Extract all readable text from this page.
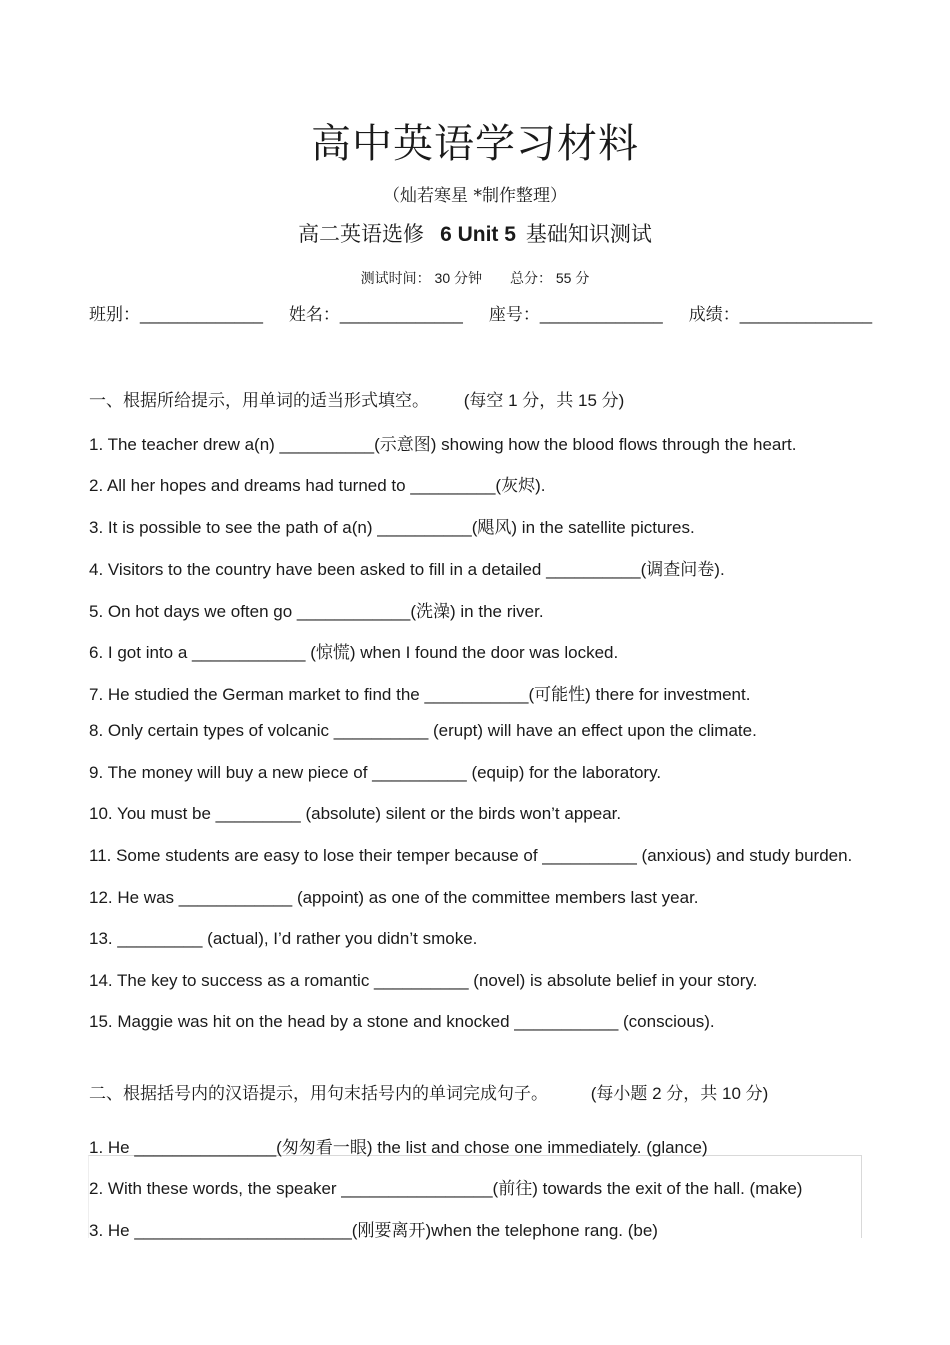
高中英语学习材料
（灿若寒星 *制作整理）
高二英语选修 6 Unit 5 基础知识测试
测试时间： 30 分钟 总分： 55 分
班别：_____________ 姓名：_____________ 座号：_____________ 成绩：______________
一、根据所给提示，用单词的适当形式填空。 (每空 1 分，共 15 分)
1. The teacher drew a(n) __________(示意图) showing how the blood flows through the heart.
2. All her hopes and dreams had turned to _________(灰烬).
3. It is possible to see the path of a(n) __________(飓风) in the satellite pictures.
4. Visitors to the country have been asked to fill in a detailed __________(调查问卷).
5. On hot days we often go ____________(洗澡) in the river.
6. I got into a ____________ (惊慌) when I found the door was locked.
7. He studied the German market to find the ___________(可能性) there for investment.
8. Only certain types of volcanic __________ (erupt) will have an effect upon the climate.
9. The money will buy a new piece of __________ (equip) for the laboratory.
10. You must be _________ (absolute) silent or the birds won’t appear.
11. Some students are easy to lose their temper because of __________ (anxious) and study burden.
12. He was ____________ (appoint) as one of the committee members last year.
13. _________ (actual), I’d rather you didn’t smoke.
14. The key to success as a romantic __________ (novel) is absolute belief in your story.
15. Maggie was hit on the head by a stone and knocked ___________ (conscious).
二、根据括号内的汉语提示，用句末括号内的单词完成句子。	(每小题 2 分，共 10 分)
1. He _______________(匆匆看一眼) the list and chose one immediately. (glance)
2. With these words, the speaker ________________(前往) towards the exit of the hall. (make)
3. He _______________________(刚要离开)when the telephone rang. (be)
